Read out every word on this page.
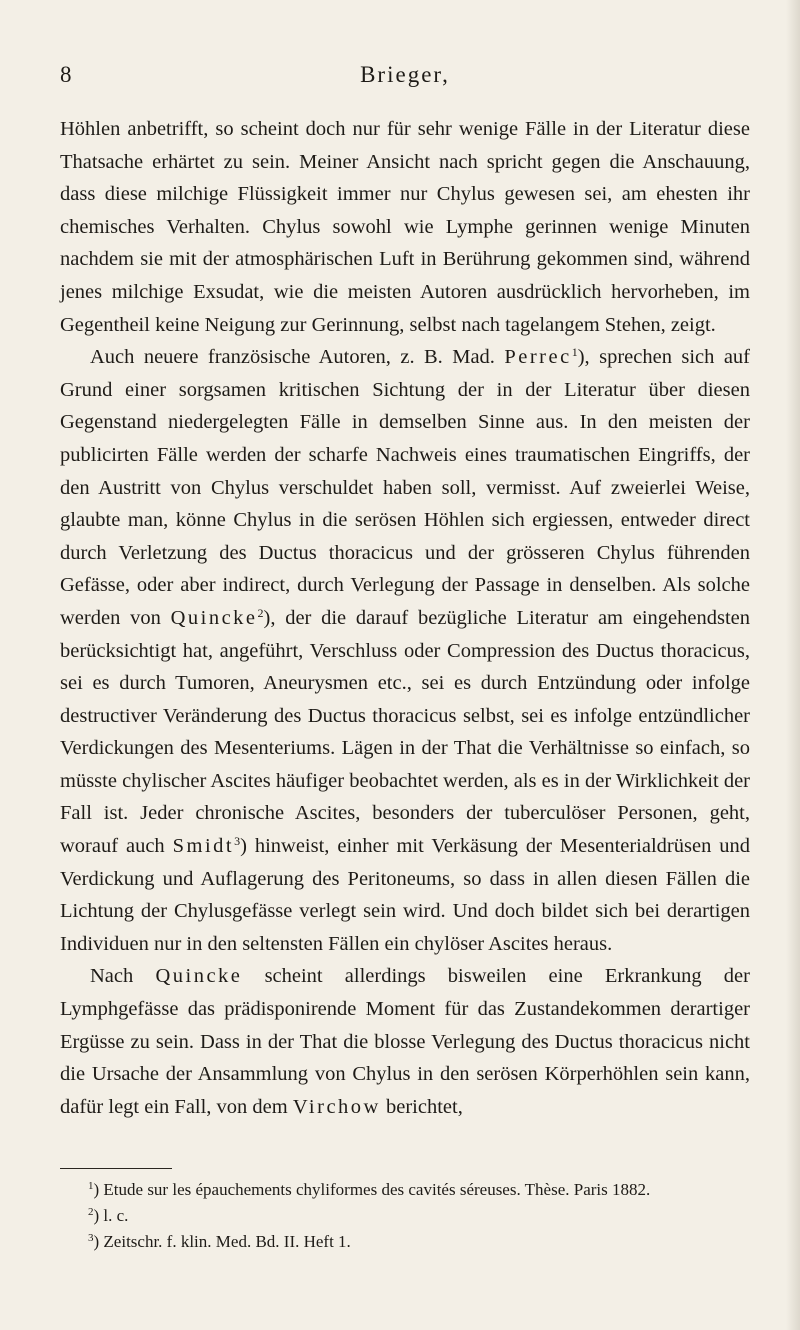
8	Brieger,

Höhlen anbetrifft, so scheint doch nur für sehr wenige Fälle in der Literatur diese Thatsache erhärtet zu sein. Meiner Ansicht nach spricht gegen die Anschauung, dass diese milchige Flüssigkeit immer nur Chylus gewesen sei, am ehesten ihr chemisches Verhalten. Chylus sowohl wie Lymphe gerinnen wenige Minuten nachdem sie mit der atmosphärischen Luft in Berührung gekommen sind, während jenes milchige Exsudat, wie die meisten Autoren ausdrücklich hervorheben, im Gegentheil keine Neigung zur Gerinnung, selbst nach tagelangem Stehen, zeigt.

Auch neuere französische Autoren, z. B. Mad. Perrec$^1$), sprechen sich auf Grund einer sorgsamen kritischen Sichtung der in der Literatur über diesen Gegenstand niedergelegten Fälle in demselben Sinne aus. In den meisten der publicirten Fälle werden der scharfe Nachweis eines traumatischen Eingriffs, der den Austritt von Chylus verschuldet haben soll, vermisst. Auf zweierlei Weise, glaubte man, könne Chylus in die serösen Höhlen sich ergiessen, entweder direct durch Verletzung des Ductus thoracicus und der grösseren Chylus führenden Gefässe, oder aber indirect, durch Verlegung der Passage in denselben. Als solche werden von Quincke$^2$), der die darauf bezügliche Literatur am eingehendsten berücksichtigt hat, angeführt, Verschluss oder Compression des Ductus thoracicus, sei es durch Tumoren, Aneurysmen etc., sei es durch Entzündung oder infolge destructiver Veränderung des Ductus thoracicus selbst, sei es infolge entzündlicher Verdickungen des Mesenteriums. Lägen in der That die Verhältnisse so einfach, so müsste chylischer Ascites häufiger beobachtet werden, als es in der Wirklichkeit der Fall ist. Jeder chronische Ascites, besonders der tuberculöser Personen, geht, worauf auch Smidt$^3$) hinweist, einher mit Verkäsung der Mesenterialdrüsen und Verdickung und Auflagerung des Peritoneums, so dass in allen diesen Fällen die Lichtung der Chylusgefässe verlegt sein wird. Und doch bildet sich bei derartigen Individuen nur in den seltensten Fällen ein chylöser Ascites heraus.

Nach Quincke scheint allerdings bisweilen eine Erkrankung der Lymphgefässe das prädisponirende Moment für das Zustandekommen derartiger Ergüsse zu sein. Dass in der That die blosse Verlegung des Ductus thoracicus nicht die Ursache der Ansammlung von Chylus in den serösen Körperhöhlen sein kann, dafür legt ein Fall, von dem Virchow berichtet,

$^1$) Etude sur les épauchements chyliformes des cavités séreuses. Thèse. Paris 1882.
$^2$) l. c.
$^3$) Zeitschr. f. klin. Med. Bd. II. Heft 1.
